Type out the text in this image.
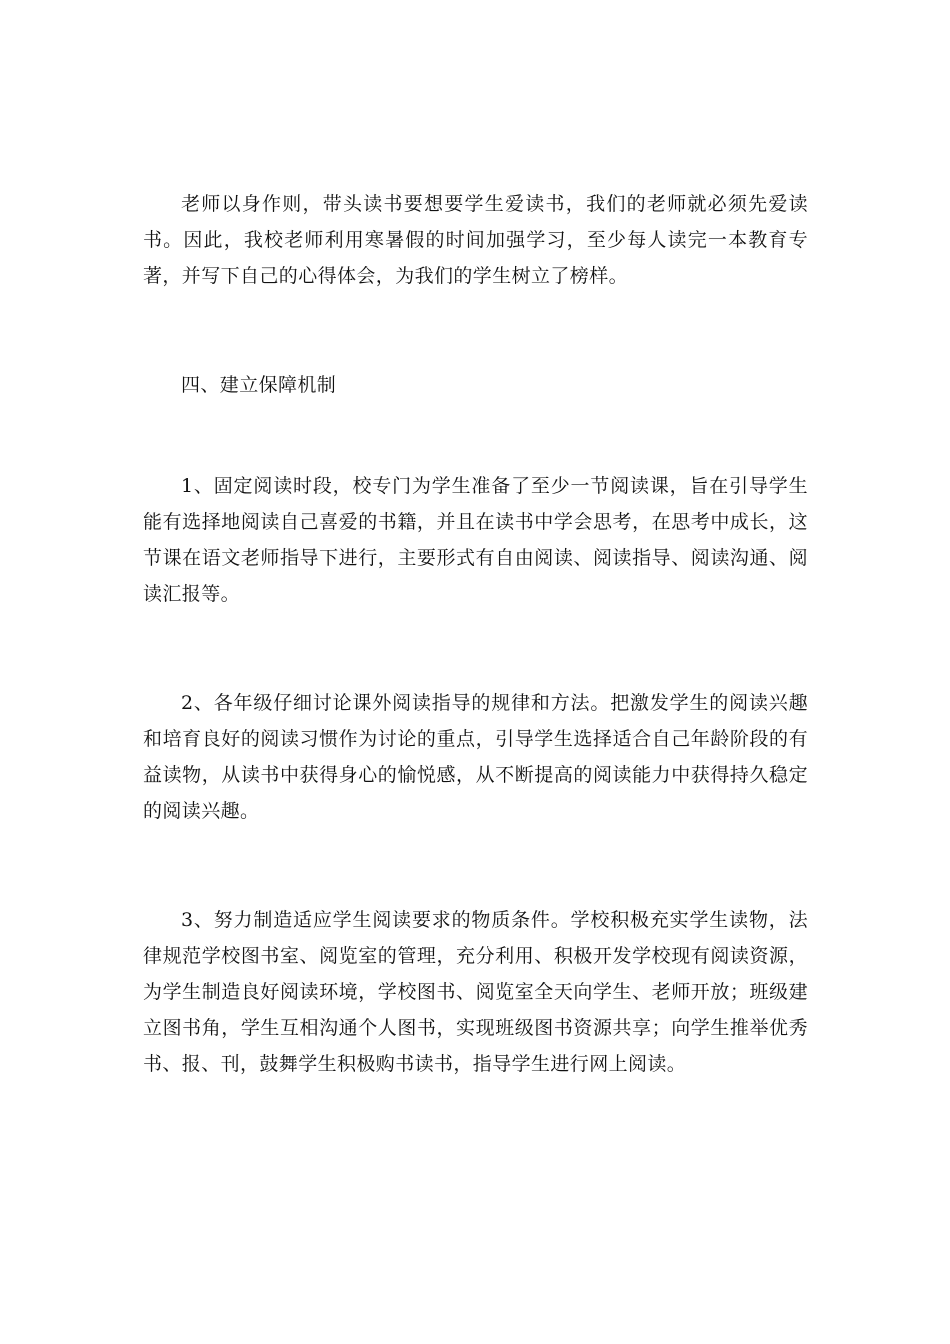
老师以身作则，带头读书要想要学生爱读书，我们的老师就必须先爱读书。因此，我校老师利用寒暑假的时间加强学习，至少每人读完一本教育专著，并写下自己的心得体会，为我们的学生树立了榜样。

四、建立保障机制

1、固定阅读时段，校专门为学生准备了至少一节阅读课，旨在引导学生能有选择地阅读自己喜爱的书籍，并且在读书中学会思考，在思考中成长，这节课在语文老师指导下进行，主要形式有自由阅读、阅读指导、阅读沟通、阅读汇报等。

2、各年级仔细讨论课外阅读指导的规律和方法。把激发学生的阅读兴趣和培育良好的阅读习惯作为讨论的重点，引导学生选择适合自己年龄阶段的有益读物，从读书中获得身心的愉悦感，从不断提高的阅读能力中获得持久稳定的阅读兴趣。

3、努力制造适应学生阅读要求的物质条件。学校积极充实学生读物，法律规范学校图书室、阅览室的管理，充分利用、积极开发学校现有阅读资源，为学生制造良好阅读环境，学校图书、阅览室全天向学生、老师开放；班级建立图书角，学生互相沟通个人图书，实现班级图书资源共享；向学生推举优秀书、报、刊，鼓舞学生积极购书读书，指导学生进行网上阅读。
